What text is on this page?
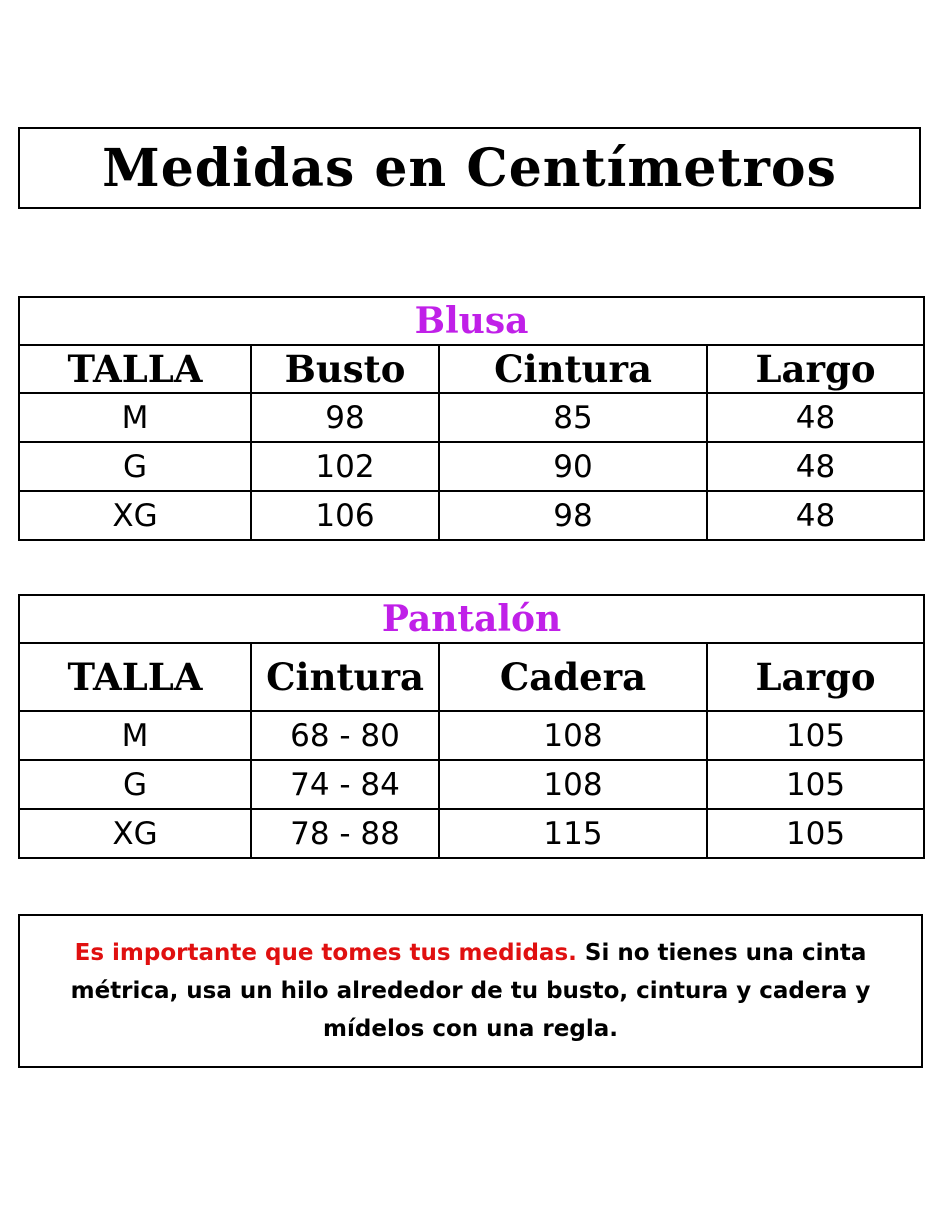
Medidas en Centímetros
Blusa			
TALLA	Busto	Cintura	Largo
M	98	85	48
G	102	90	48
XG	106	98	48
Pantalón			
TALLA	Cintura	Cadera	Largo
M	68 - 80	108	105
G	74 - 84	108	105
XG	78 - 88	115	105

Es importante que tomes tus medidas. Si no tienes una cinta métrica, usa un hilo alrededor de tu busto, cintura y cadera y mídelos con una regla.
